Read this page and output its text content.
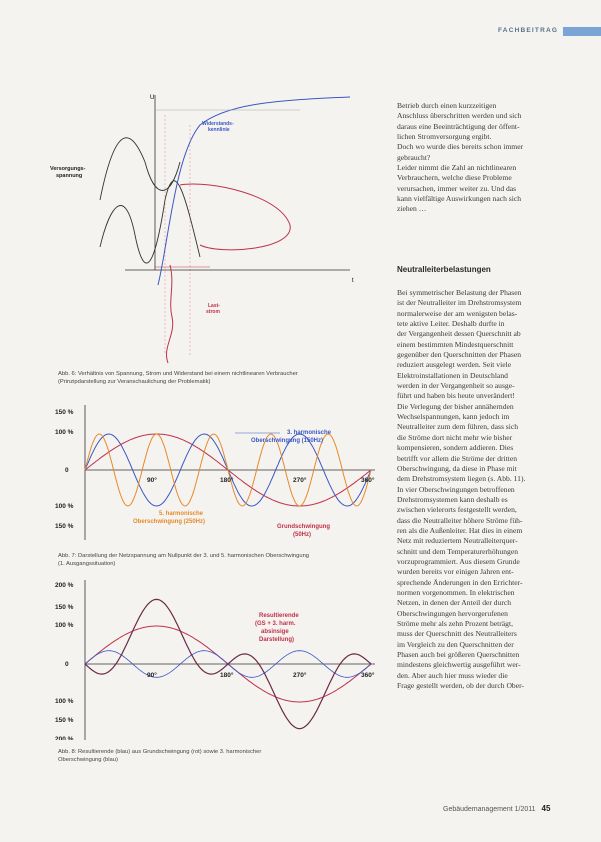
FACHBEITRAG
U
t
Versorgungs- spannung
Widerstands- kennlinie
Last- strom
Abb. 6: Verhältnis von Spannung, Strom und Widerstand bei einem nichtlinearen Verbraucher
(Prinzipdarstellung zur Veranschaulichung der Problematik)
150 %
100 %
0
100 %
150 %
90°	180°	270°	360°
3. harmonische Oberschwingung (150Hz)
5. harmonische Oberschwingung (250Hz)
Grundschwingung (50Hz)
Abb. 7: Darstellung der Netzspannung am Nullpunkt der 3. und 5. harmonischen Oberschwingung
(1. Ausgangssituation)
200 %
150 %
100 %
0
100 %
150 %
200 %
90°	180°	270°	360°
Resultierende (GS + 3. harm. absinsige Darstellung)
Abb. 8: Resultierende (blau) aus Grundschwingung (rot) sowie 3. harmonischer
Oberschwingung (blau)
Betrieb durch einen kurzzeitigen
Anschluss überschritten werden und sich
daraus eine Beeinträchtigung der öffent-
lichen Stromversorgung ergibt.
Doch wo wurde dies bereits schon immer
gebraucht?
Leider nimmt die Zahl an nichtlinearen
Verbrauchern, welche diese Probleme
verursachen, immer weiter zu. Und das
kann vielfältige Auswirkungen nach sich
ziehen …
Neutralleiterbelastungen
Bei symmetrischer Belastung der Phasen
ist der Neutralleiter im Drehstromsystem
normalerweise der am wenigsten belas-
tete aktive Leiter. Deshalb durfte in
der Vergangenheit dessen Querschnitt ab
einem bestimmten Mindestquerschnitt
gegenüber den Querschnitten der Phasen
reduziert ausgelegt werden. Seit viele
Elektroinstallationen in Deutschland
werden in der Vergangenheit so ausge-
führt und haben bis heute unverändert!
Die Verlegung der bisher annähernden
Wechselspannungen, kann jedoch im
Neutralleiter zum dem führen, dass sich
die Ströme dort nicht mehr wie bisher
kompensieren, sondern addieren. Dies
betrifft vor allem die Ströme der dritten
Oberschwingung, da diese in Phase mit
dem Drehstromsystem liegen (s. Abb. 11).
In vier Oberschwingungen betroffenen
Drehstromsystemen kann deshalb es
zwischen vielerorts festgestellt werden,
dass die Neutralleiter höhere Ströme füh-
ren als die Außenleiter. Hat dies in einem
Netz mit reduziertem Neutralleiterquer-
schnitt und dem Temperaturerhöhungen
vorzuprogrammiert. Aus diesem Grunde
wurden bereits vor einigen Jahren ent-
sprechende Änderungen in den Errichter-
normen vorgenommen. In elektrischen
Netzen, in denen der Anteil der durch
Oberschwingungen hervorgerufenen
Ströme mehr als zehn Prozent beträgt,
muss der Querschnitt des Neutralleiters
im Vergleich zu den Querschnitten der
Phasen auch bei größeren Querschnitten
mindestens gleichwertig ausgeführt wer-
den. Aber auch hier muss wieder die
Frage gestellt werden, ob der durch Ober-
Gebäudemanagement 1/2011 45
